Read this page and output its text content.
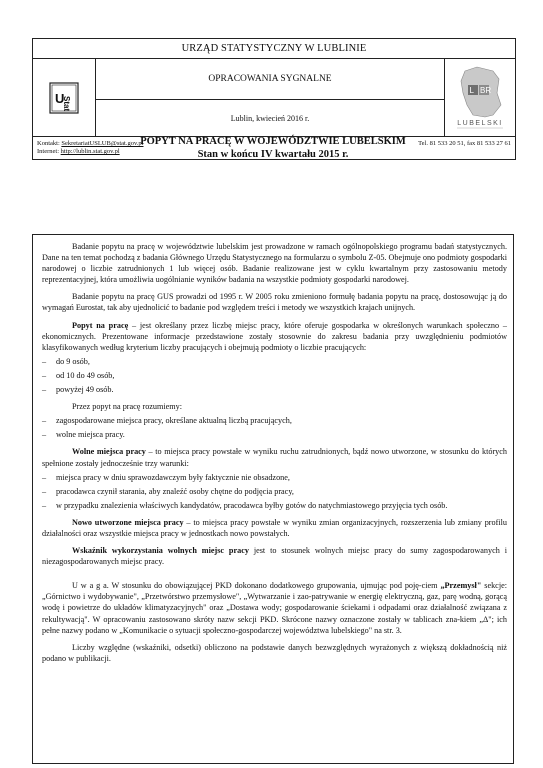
URZĄD STATYSTYCZNY W LUBLINIE
U
Stat
OPRACOWANIA SYGNALNE
Lublin, kwiecień 2016 r.
L BR
LUBELSKI
Kontakt: SekretariatUSLUB@stat.gov.pl
Internet: http://lublin.stat.gov.pl
Tel. 81 533 20 51, fax 81 533 27 61
POPYT NA PRACĘ W WOJEWÓDZTWIE LUBELSKIM
Stan w końcu IV kwartału 2015 r.

Badanie popytu na pracę w województwie lubelskim jest prowadzone w ramach ogólnopolskiego programu badań statystycznych. Dane na ten temat pochodzą z badania Głównego Urzędu Statystycznego na formularzu o symbolu Z-05. Obejmuje ono podmioty gospodarki narodowej o liczbie zatrudnionych 1 lub więcej osób. Badanie realizowane jest w cyklu kwartalnym przy zastosowaniu metody reprezentacyjnej, która umożliwia uogólnianie wyników badania na wszystkie podmioty gospodarki narodowej.

Badanie popytu na pracę GUS prowadzi od 1995 r. W 2005 roku zmieniono formułę badania popytu na pracę, dostosowując ją do wymagań Eurostat, tak aby ujednolicić to badanie pod względem treści i metody we wszystkich krajach unijnych.

Popyt na pracę – jest określany przez liczbę miejsc pracy, które oferuje gospodarka w określonych warunkach społeczno – ekonomicznych. Prezentowane informacje przedstawione zostały stosownie do zakresu badania przy uwzględnieniu podmiotów klasyfikowanych według kryterium liczby pracujących i obejmują podmioty o liczbie pracujących:

– do 9 osób,

– od 10 do 49 osób,

– powyżej 49 osób.

Przez popyt na pracę rozumiemy:

– zagospodarowane miejsca pracy, określane aktualną liczbą pracujących,

– wolne miejsca pracy.

Wolne miejsca pracy – to miejsca pracy powstałe w wyniku ruchu zatrudnionych, bądź nowo utworzone, w stosunku do których spełnione zostały jednocześnie trzy warunki:

– miejsca pracy w dniu sprawozdawczym były faktycznie nie obsadzone,

– pracodawca czynił starania, aby znaleźć osoby chętne do podjęcia pracy,

– w przypadku znalezienia właściwych kandydatów, pracodawca byłby gotów do natychmiastowego przyjęcia tych osób.

Nowo utworzone miejsca pracy – to miejsca pracy powstałe w wyniku zmian organizacyjnych, rozszerzenia lub zmiany profilu działalności oraz wszystkie miejsca pracy w jednostkach nowo powstałych.

Wskaźnik wykorzystania wolnych miejsc pracy jest to stosunek wolnych miejsc pracy do sumy zagospodarowanych i niezagospodarowanych miejsc pracy.

U w a g a. W stosunku do obowiązującej PKD dokonano dodatkowego grupowania, ujmując pod poję-ciem „Przemysł" sekcje: „Górnictwo i wydobywanie", „Przetwórstwo przemysłowe", „Wytwarzanie i zao-patrywanie w energię elektryczną, gaz, parę wodną, gorącą wodę i powietrze do układów klimatyzacyjnych" oraz „Dostawa wody; gospodarowanie ściekami i odpadami oraz działalność związana z rekultywacją". W opracowaniu zastosowano skróty nazw sekcji PKD. Skrócone nazwy oznaczone zostały w tablicach zna-kiem „Δ"; ich pełne nazwy podano w „Komunikacie o sytuacji społeczno-gospodarczej województwa lubelskiego" na str. 3.

Liczby względne (wskaźniki, odsetki) obliczono na podstawie danych bezwzględnych wyrażonych z większą dokładnością niż podano w publikacji.
